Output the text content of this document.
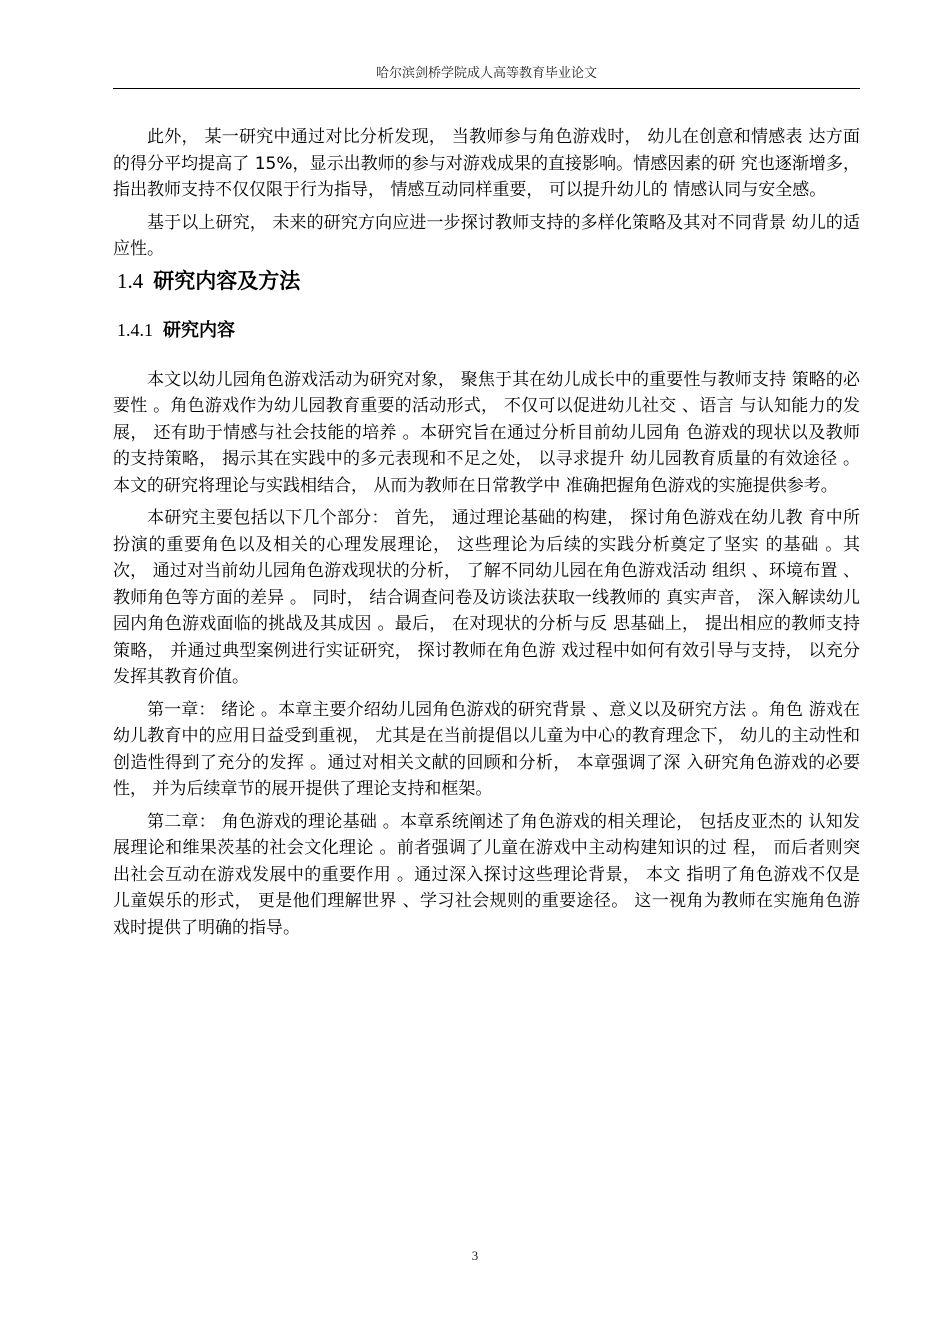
哈尔滨剑桥学院成人高等教育毕业论文

此外， 某一研究中通过对比分析发现， 当教师参与角色游戏时， 幼儿在创意和情感表 达方面的得分平均提高了 15%，显示出教师的参与对游戏成果的直接影响。情感因素的研 究也逐渐增多， 指出教师支持不仅仅限于行为指导， 情感互动同样重要， 可以提升幼儿的 情感认同与安全感。

基于以上研究， 未来的研究方向应进一步探讨教师支持的多样化策略及其对不同背景 幼儿的适应性。

1.4 研究内容及方法
1.4.1 研究内容

本文以幼儿园角色游戏活动为研究对象， 聚焦于其在幼儿成长中的重要性与教师支持 策略的必要性 。角色游戏作为幼儿园教育重要的活动形式， 不仅可以促进幼儿社交 、语言 与认知能力的发展， 还有助于情感与社会技能的培养 。本研究旨在通过分析目前幼儿园角 色游戏的现状以及教师的支持策略， 揭示其在实践中的多元表现和不足之处， 以寻求提升 幼儿园教育质量的有效途径 。本文的研究将理论与实践相结合， 从而为教师在日常教学中 准确把握角色游戏的实施提供参考。

本研究主要包括以下几个部分： 首先， 通过理论基础的构建， 探讨角色游戏在幼儿教 育中所扮演的重要角色以及相关的心理发展理论， 这些理论为后续的实践分析奠定了坚实 的基础 。其次， 通过对当前幼儿园角色游戏现状的分析， 了解不同幼儿园在角色游戏活动 组织 、环境布置 、教师角色等方面的差异 。 同时， 结合调查问卷及访谈法获取一线教师的 真实声音， 深入解读幼儿园内角色游戏面临的挑战及其成因 。最后， 在对现状的分析与反 思基础上， 提出相应的教师支持策略， 并通过典型案例进行实证研究， 探讨教师在角色游 戏过程中如何有效引导与支持， 以充分发挥其教育价值。

第一章： 绪论 。本章主要介绍幼儿园角色游戏的研究背景 、意义以及研究方法 。角色 游戏在幼儿教育中的应用日益受到重视， 尤其是在当前提倡以儿童为中心的教育理念下， 幼儿的主动性和创造性得到了充分的发挥 。通过对相关文献的回顾和分析， 本章强调了深 入研究角色游戏的必要性， 并为后续章节的展开提供了理论支持和框架。

第二章： 角色游戏的理论基础 。本章系统阐述了角色游戏的相关理论， 包括皮亚杰的 认知发展理论和维果茨基的社会文化理论 。前者强调了儿童在游戏中主动构建知识的过 程， 而后者则突出社会互动在游戏发展中的重要作用 。通过深入探讨这些理论背景， 本文 指明了角色游戏不仅是儿童娱乐的形式， 更是他们理解世界 、学习社会规则的重要途径。 这一视角为教师在实施角色游戏时提供了明确的指导。

3
